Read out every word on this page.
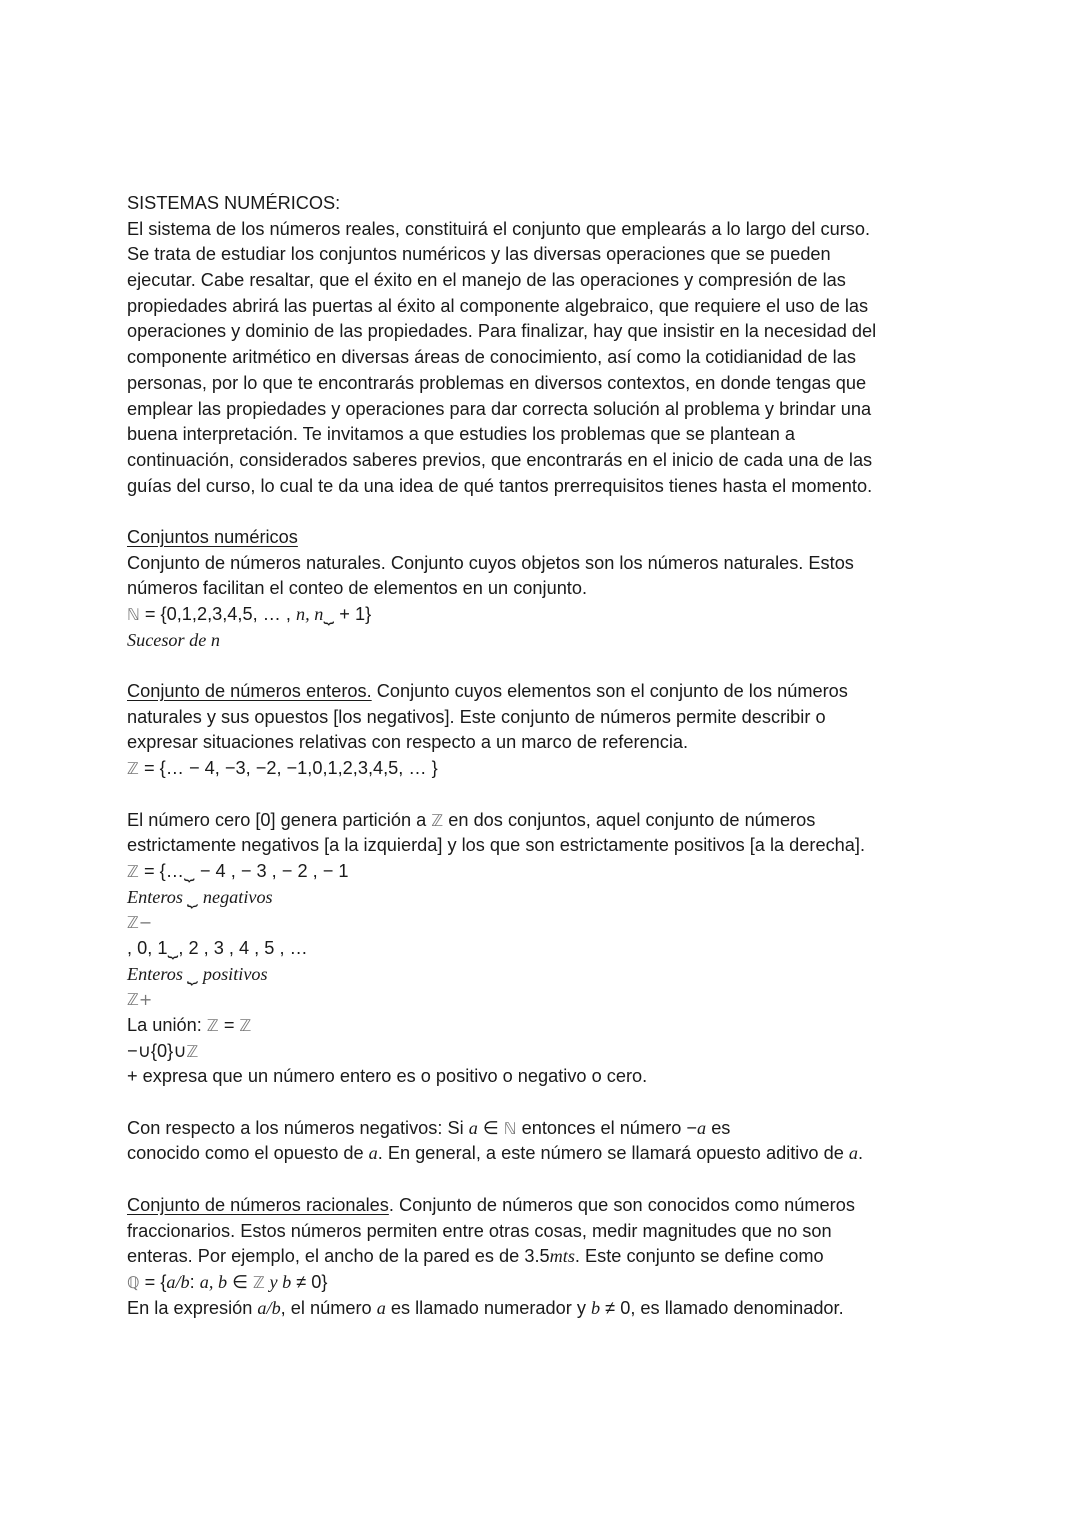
SISTEMAS NUMÉRICOS:
El sistema de los números reales, constituirá el conjunto que emplearás a lo largo del curso.
Se trata de estudiar los conjuntos numéricos y las diversas operaciones que se pueden
ejecutar. Cabe resaltar, que el éxito en el manejo de las operaciones y compresión de las
propiedades abrirá las puertas al éxito al componente algebraico, que requiere el uso de las
operaciones y dominio de las propiedades. Para finalizar, hay que insistir en la necesidad del
componente aritmético en diversas áreas de conocimiento, así como la cotidianidad de las
personas, por lo que te encontrarás problemas en diversos contextos, en donde tengas que
emplear las propiedades y operaciones para dar correcta solución al problema y brindar una
buena interpretación. Te invitamos a que estudies los problemas que se plantean a
continuación, considerados saberes previos, que encontrarás en el inicio de cada una de las
guías del curso, lo cual te da una idea de qué tantos prerrequisitos tienes hasta el momento.
Conjuntos numéricos
Conjunto de números naturales. Conjunto cuyos objetos son los números naturales. Estos
números facilitan el conteo de elementos en un conjunto.
ℕ = {0,1,2,3,4,5, … , n, n⏟ + 1}
Sucesor de n
Conjunto de números enteros. Conjunto cuyos elementos son el conjunto de los números
naturales y sus opuestos [los negativos]. Este conjunto de números permite describir o
expresar situaciones relativas con respecto a un marco de referencia.
ℤ = {… − 4, −3, −2, −1,0,1,2,3,4,5, … }
El número cero [0] genera partición a ℤ en dos conjuntos, aquel conjunto de números
estrictamente negativos [a la izquierda] y los que son estrictamente positivos [a la derecha].
ℤ = {…⏟ − 4 , − 3 , − 2 , − 1
Enteros ⏟ negativos
ℤ−
, 0, 1⏟, 2 , 3 , 4 , 5 , …
Enteros ⏟ positivos
ℤ+
La unión: ℤ = ℤ
−∪{0}∪ℤ
+ expresa que un número entero es o positivo o negativo o cero.
Con respecto a los números negativos: Si a ∈ ℕ entonces el número −a es
conocido como el opuesto de a. En general, a este número se llamará opuesto aditivo de a.
Conjunto de números racionales. Conjunto de números que son conocidos como números
fraccionarios. Estos números permiten entre otras cosas, medir magnitudes que no son
enteras. Por ejemplo, el ancho de la pared es de 3.5mts. Este conjunto se define como
ℚ = {a/b: a, b ∈ ℤ y b ≠ 0}
En la expresión a/b, el número a es llamado numerador y b ≠ 0, es llamado denominador.
